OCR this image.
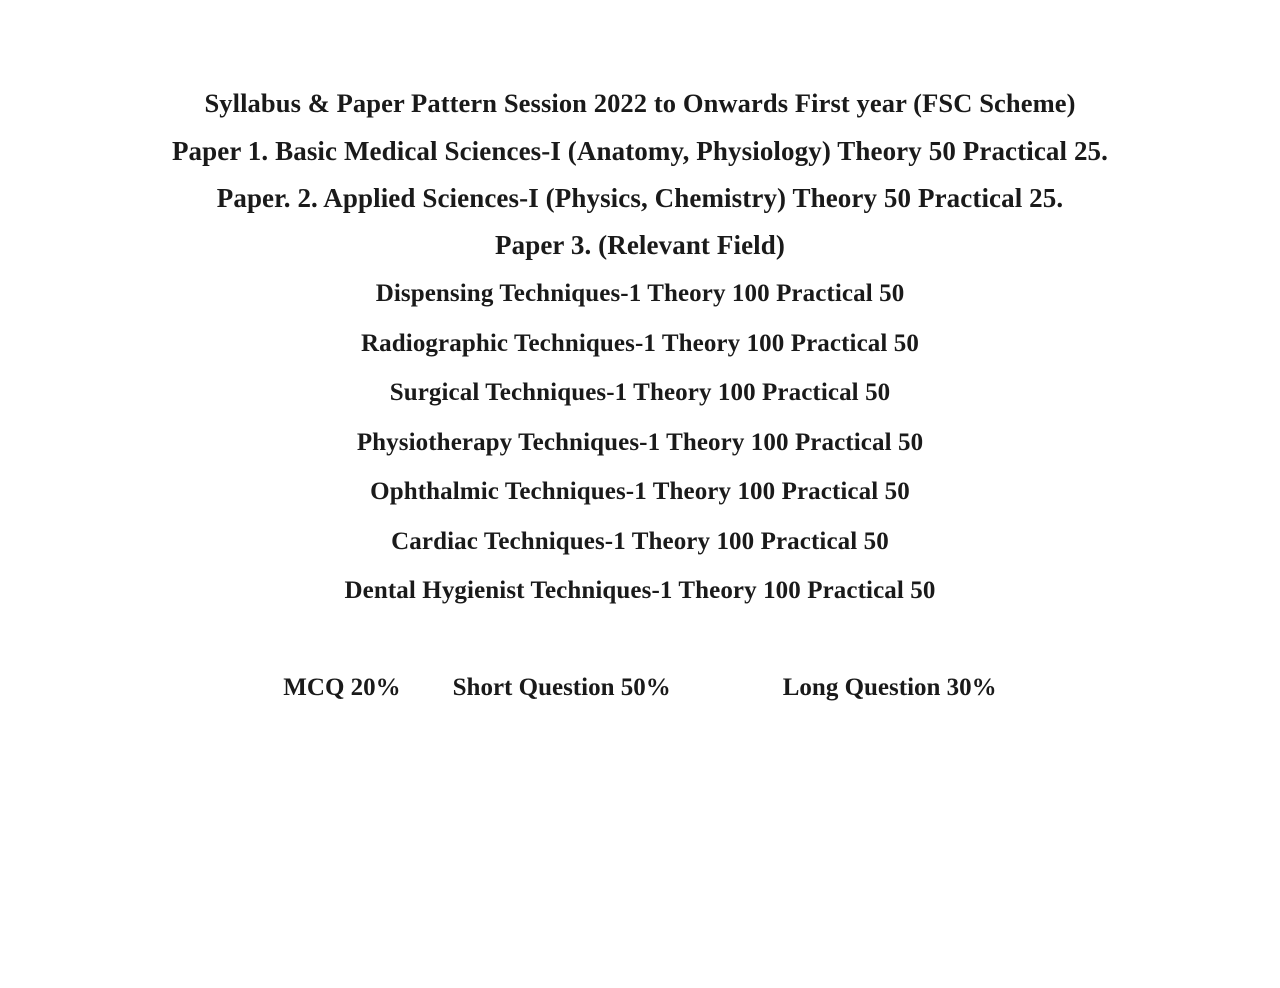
Syllabus & Paper Pattern Session 2022 to Onwards First year (FSC Scheme)
Paper 1. Basic Medical Sciences-I (Anatomy, Physiology) Theory 50 Practical 25.
Paper. 2. Applied Sciences-I (Physics, Chemistry) Theory 50 Practical 25.
Paper 3. (Relevant Field)
Dispensing Techniques-1 Theory 100 Practical 50
Radiographic Techniques-1 Theory 100 Practical 50
Surgical Techniques-1 Theory 100 Practical 50
Physiotherapy Techniques-1 Theory 100 Practical 50
Ophthalmic Techniques-1 Theory 100 Practical 50
Cardiac Techniques-1 Theory 100 Practical 50
Dental Hygienist Techniques-1 Theory 100 Practical 50
MCQ 20% Short Question 50%	Long Question 30%
